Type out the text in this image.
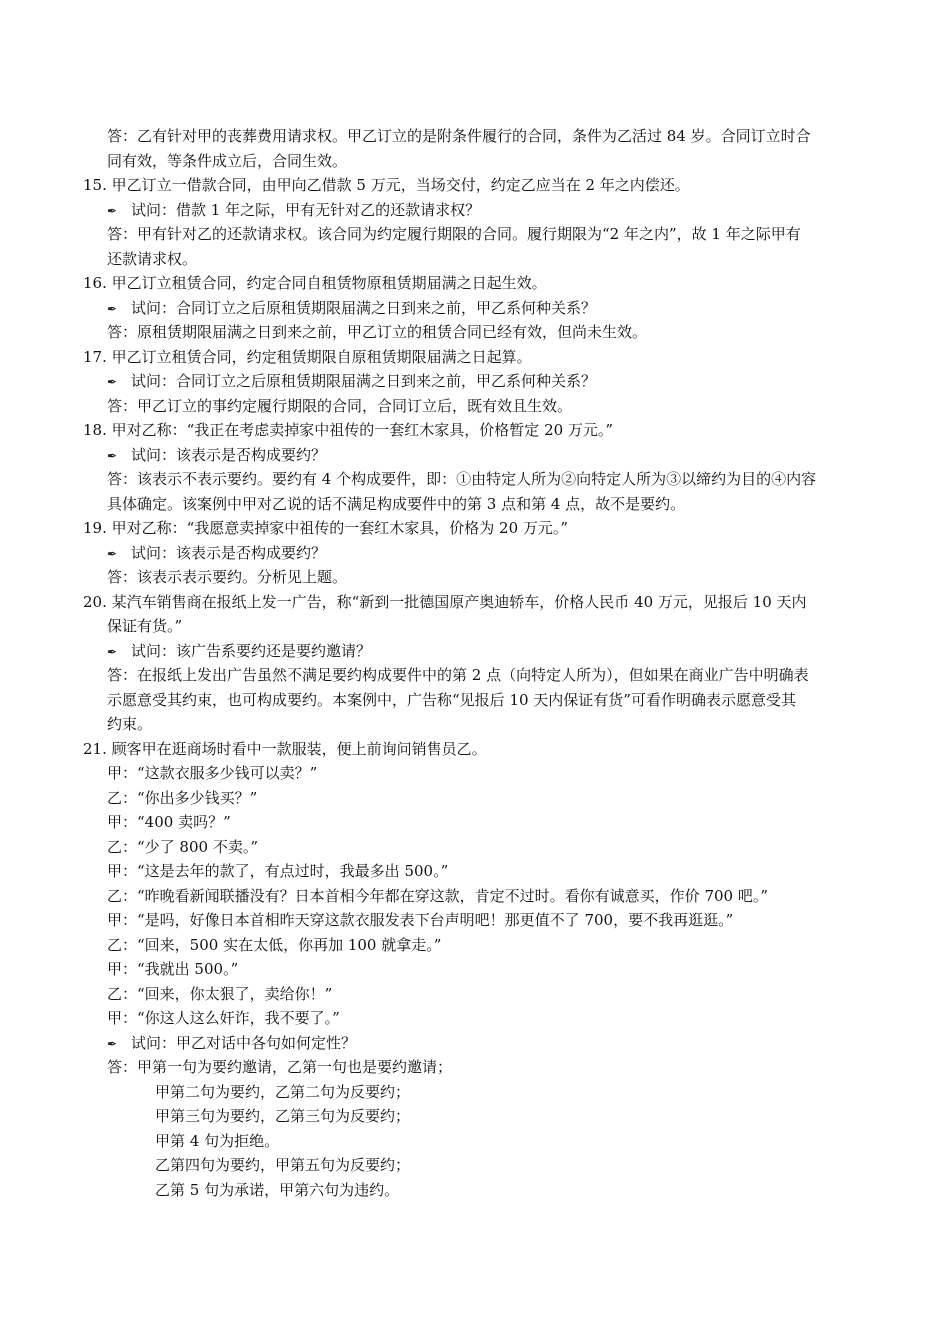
答：乙有针对甲的丧葬费用请求权。甲乙订立的是附条件履行的合同，条件为乙活过 84 岁。合同订立时合
同有效，等条件成立后，合同生效。
15. 甲乙订立一借款合同，由甲向乙借款 5 万元，当场交付，约定乙应当在 2 年之内偿还。
✒ 试问：借款 1 年之际，甲有无针对乙的还款请求权？
答：甲有针对乙的还款请求权。该合同为约定履行期限的合同。履行期限为“2 年之内”，故 1 年之际甲有
还款请求权。
16. 甲乙订立租赁合同，约定合同自租赁物原租赁期届满之日起生效。
✒ 试问：合同订立之后原租赁期限届满之日到来之前，甲乙系何种关系？
答：原租赁期限届满之日到来之前，甲乙订立的租赁合同已经有效，但尚未生效。
17. 甲乙订立租赁合同，约定租赁期限自原租赁期限届满之日起算。
✒ 试问：合同订立之后原租赁期限届满之日到来之前，甲乙系何种关系？
答：甲乙订立的事约定履行期限的合同，合同订立后，既有效且生效。
18. 甲对乙称：“我正在考虑卖掉家中祖传的一套红木家具，价格暂定 20 万元。”
✒ 试问：该表示是否构成要约？
答：该表示不表示要约。要约有 4 个构成要件，即：①由特定人所为②向特定人所为③以缔约为目的④内容
具体确定。该案例中甲对乙说的话不满足构成要件中的第 3 点和第 4 点，故不是要约。
19. 甲对乙称：“我愿意卖掉家中祖传的一套红木家具，价格为 20 万元。”
✒ 试问：该表示是否构成要约？
答：该表示表示要约。分析见上题。
20. 某汽车销售商在报纸上发一广告，称“新到一批德国原产奥迪轿车，价格人民币 40 万元，见报后 10 天内
保证有货。”
✒ 试问：该广告系要约还是要约邀请？
答：在报纸上发出广告虽然不满足要约构成要件中的第 2 点（向特定人所为），但如果在商业广告中明确表
示愿意受其约束，也可构成要约。本案例中，广告称“见报后 10 天内保证有货”可看作明确表示愿意受其
约束。
21. 顾客甲在逛商场时看中一款服装，便上前询问销售员乙。
甲：“这款衣服多少钱可以卖？”
乙：“你出多少钱买？”
甲：“400 卖吗？”
乙：“少了 800 不卖。”
甲：“这是去年的款了，有点过时，我最多出 500。”
乙：“昨晚看新闻联播没有？日本首相今年都在穿这款，肯定不过时。看你有诚意买，作价 700 吧。”
甲：“是吗，好像日本首相昨天穿这款衣服发表下台声明吧！那更值不了 700，要不我再逛逛。”
乙：“回来，500 实在太低，你再加 100 就拿走。”
甲：“我就出 500。”
乙：“回来，你太狠了，卖给你！”
甲：“你这人这么奸诈，我不要了。”
✒ 试问：甲乙对话中各句如何定性？
答：甲第一句为要约邀请，乙第一句也是要约邀请；
甲第二句为要约，乙第二句为反要约；
甲第三句为要约，乙第三句为反要约；
甲第 4 句为拒绝。
乙第四句为要约，甲第五句为反要约；
乙第 5 句为承诺，甲第六句为违约。
